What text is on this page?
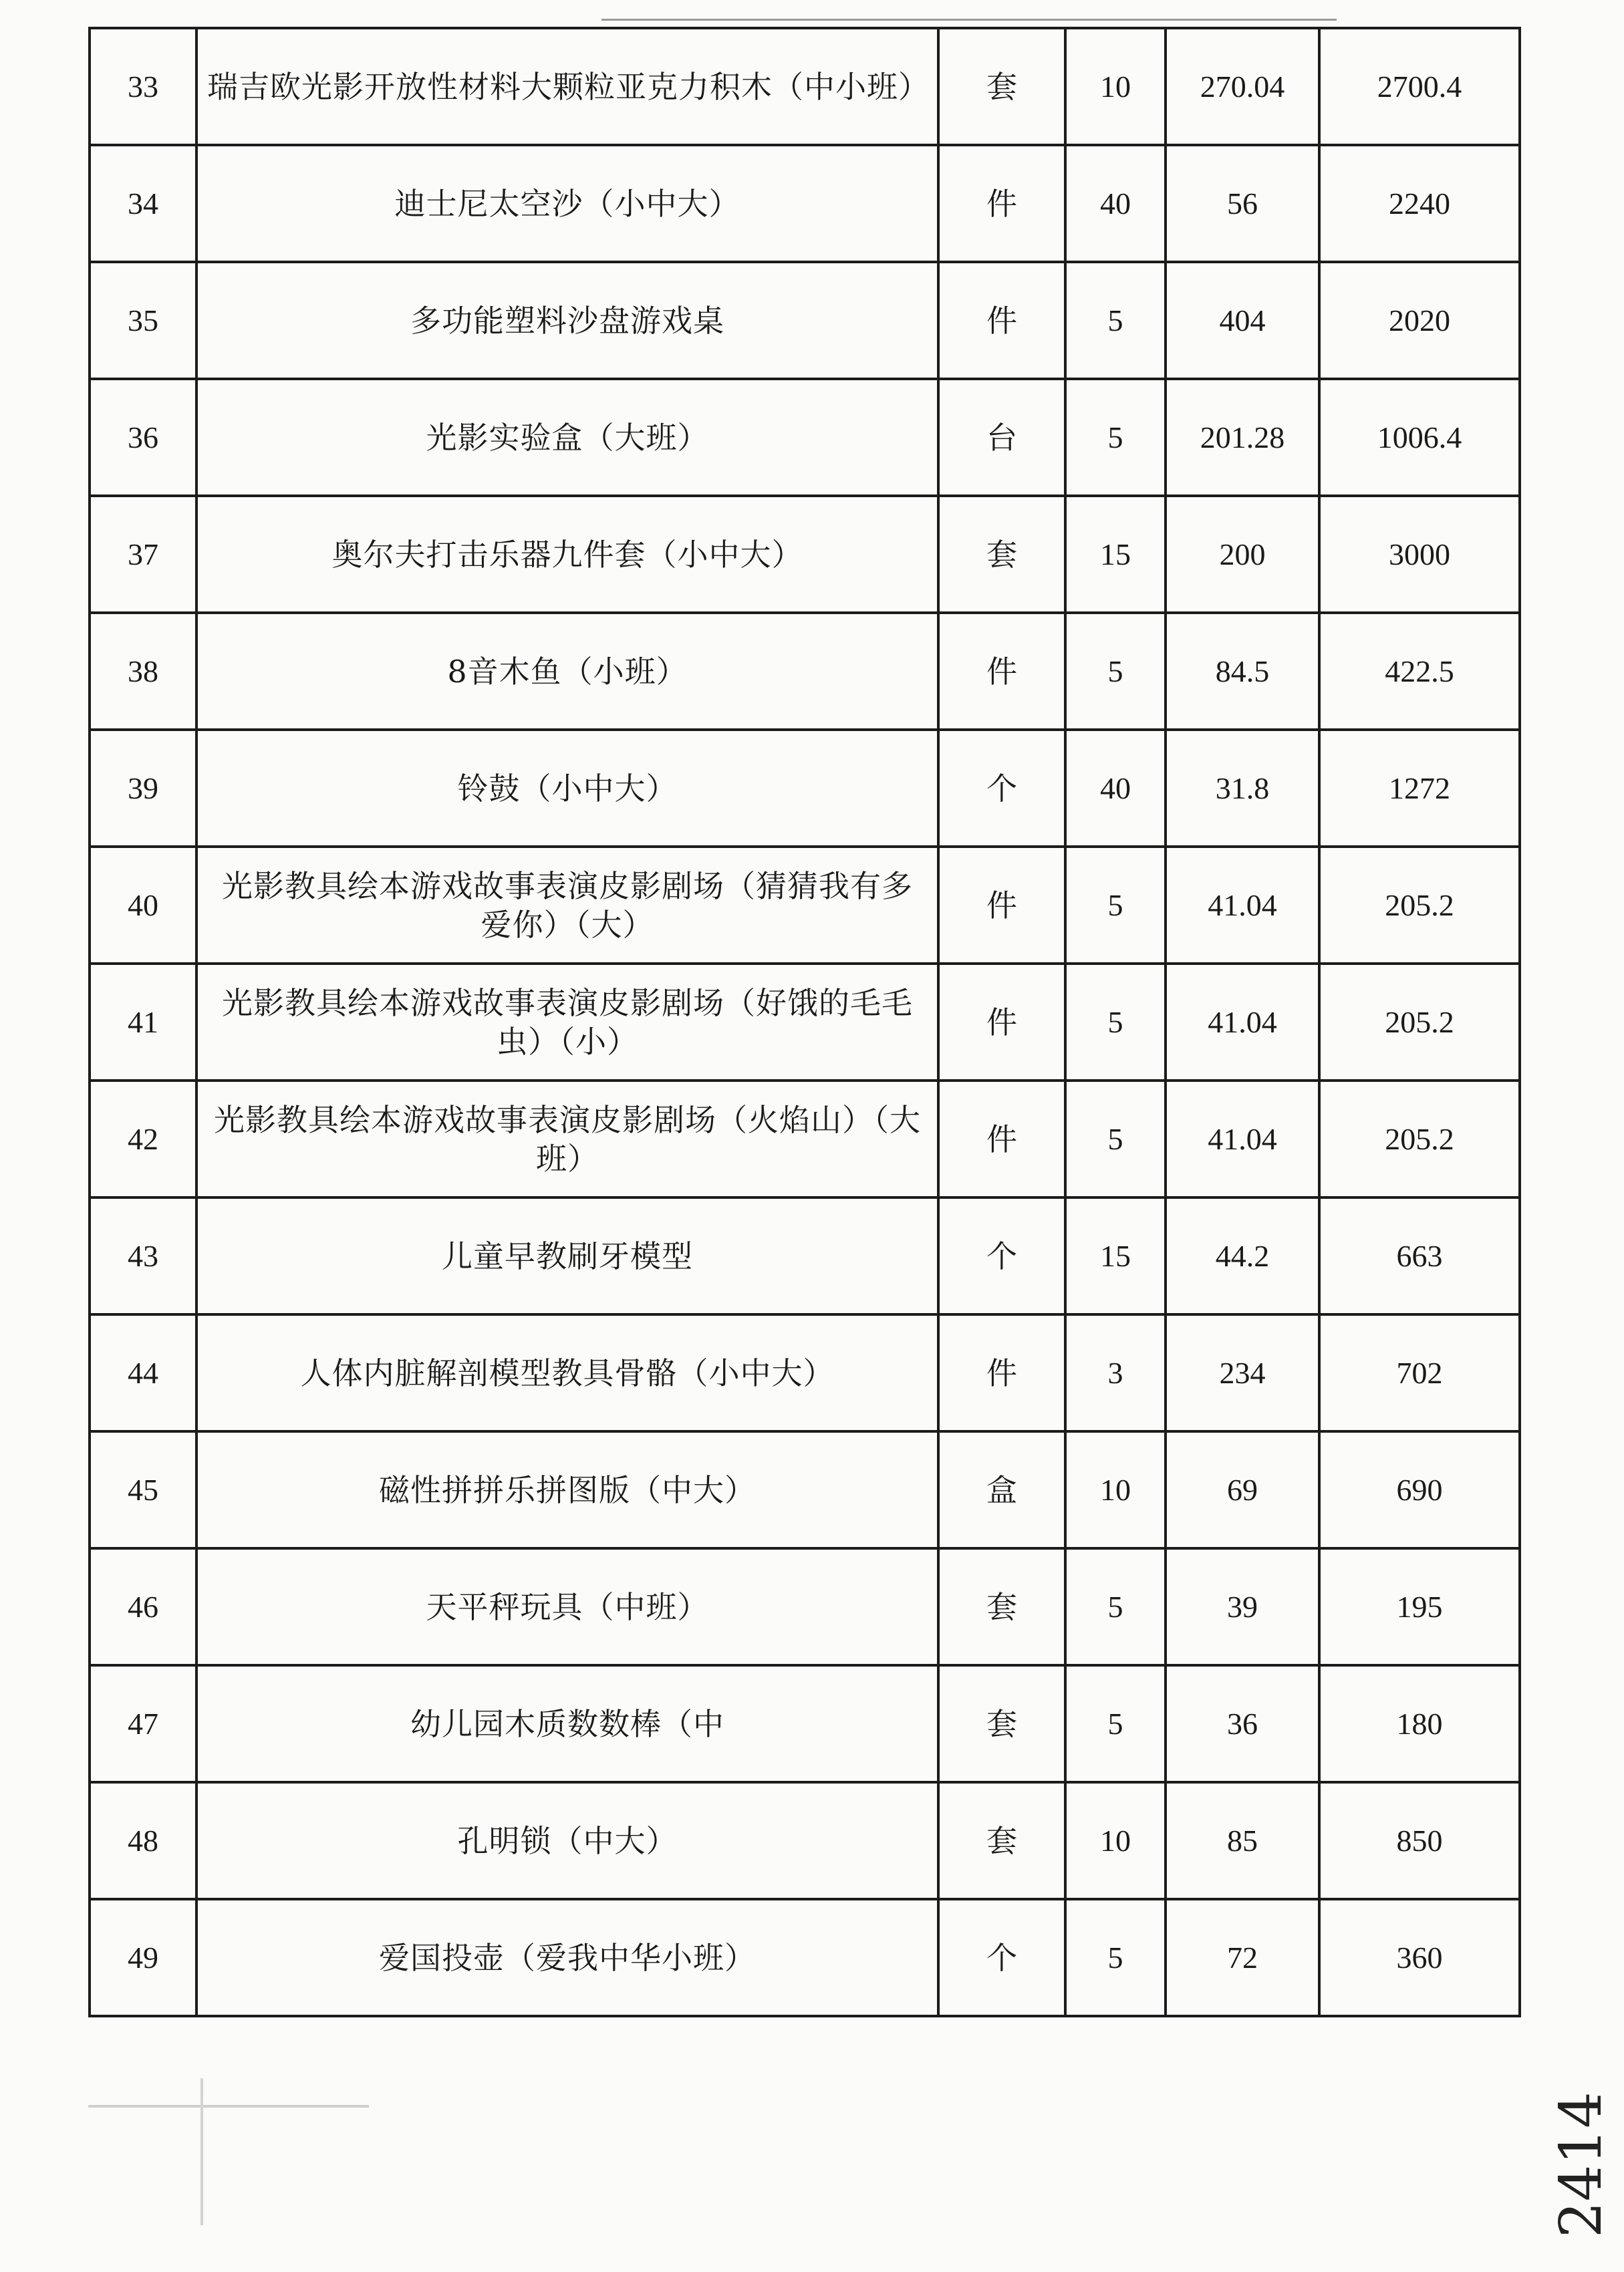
33	瑞吉欧光影开放性材料大颗粒亚克力积木（中小班）	套	10	270.04	2700.4
34	迪士尼太空沙（小中大）	件	40	56	2240
35	多功能塑料沙盘游戏桌	件	5	404	2020
36	光影实验盒（大班）	台	5	201.28	1006.4
37	奥尔夫打击乐器九件套（小中大）	套	15	200	3000
38	8音木鱼（小班）	件	5	84.5	422.5
39	铃鼓（小中大）	个	40	31.8	1272
40	光影教具绘本游戏故事表演皮影剧场（猜猜我有多爱你）（大）	件	5	41.04	205.2
41	光影教具绘本游戏故事表演皮影剧场（好饿的毛毛虫）（小）	件	5	41.04	205.2
42	光影教具绘本游戏故事表演皮影剧场（火焰山）（大班）	件	5	41.04	205.2
43	儿童早教刷牙模型	个	15	44.2	663
44	人体内脏解剖模型教具骨骼（小中大）	件	3	234	702
45	磁性拼拼乐拼图版（中大）	盒	10	69	690
46	天平秤玩具（中班）	套	5	39	195
47	幼儿园木质数数棒（中	套	5	36	180
48	孔明锁（中大）	套	10	85	850
49	爱国投壶（爱我中华小班）	个	5	72	360
2414
